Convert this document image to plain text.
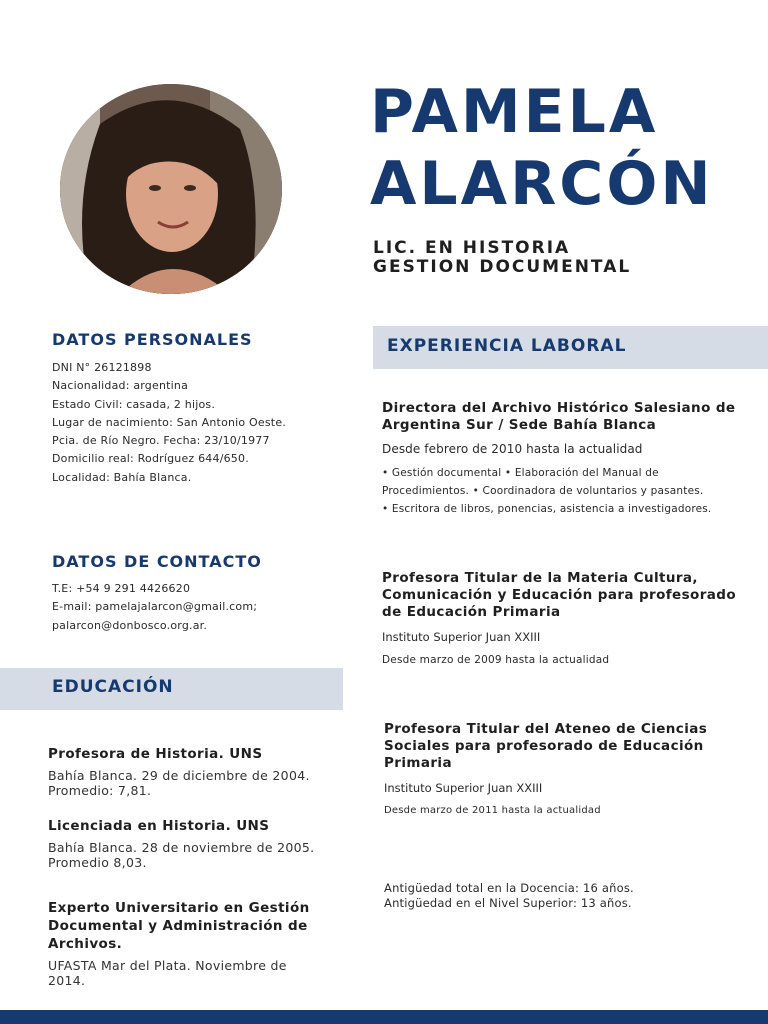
PAMELA
ALARCÓN
LIC. EN HISTORIA
GESTION DOCUMENTAL
DATOS PERSONALES
DNI N° 26121898
Nacionalidad: argentina
Estado Civil: casada, 2 hijos.
Lugar de nacimiento: San Antonio Oeste.
Pcia. de Río Negro. Fecha: 23/10/1977
Domicilio real: Rodríguez 644/650.
Localidad: Bahía Blanca.
DATOS DE CONTACTO
T.E: +54 9 291 4426620
E-mail: pamelajalarcon@gmail.com;
palarcon@donbosco.org.ar.
EDUCACIÓN
Profesora de Historia. UNS
Bahía Blanca. 29 de diciembre de 2004.
Promedio: 7,81.
Licenciada en Historia. UNS
Bahía Blanca. 28 de noviembre de 2005.
Promedio 8,03.
Experto Universitario en Gestión
Documental y Administración de
Archivos.
UFASTA Mar del Plata. Noviembre de
2014.
EXPERIENCIA LABORAL
Directora del Archivo Histórico Salesiano de
Argentina Sur / Sede Bahía Blanca
Desde febrero de 2010 hasta la actualidad
• Gestión documental • Elaboración del Manual de
Procedimientos. • Coordinadora de voluntarios y pasantes.
• Escritora de libros, ponencias, asistencia a investigadores.
Profesora Titular de la Materia Cultura,
Comunicación y Educación para profesorado
de Educación Primaria
Instituto Superior Juan XXIII
Desde marzo de 2009 hasta la actualidad
Profesora Titular del Ateneo de Ciencias
Sociales para profesorado de Educación
Primaria
Instituto Superior Juan XXIII
Desde marzo de 2011 hasta la actualidad
Antigüedad total en la Docencia: 16 años.
Antigüedad en el Nivel Superior: 13 años.
